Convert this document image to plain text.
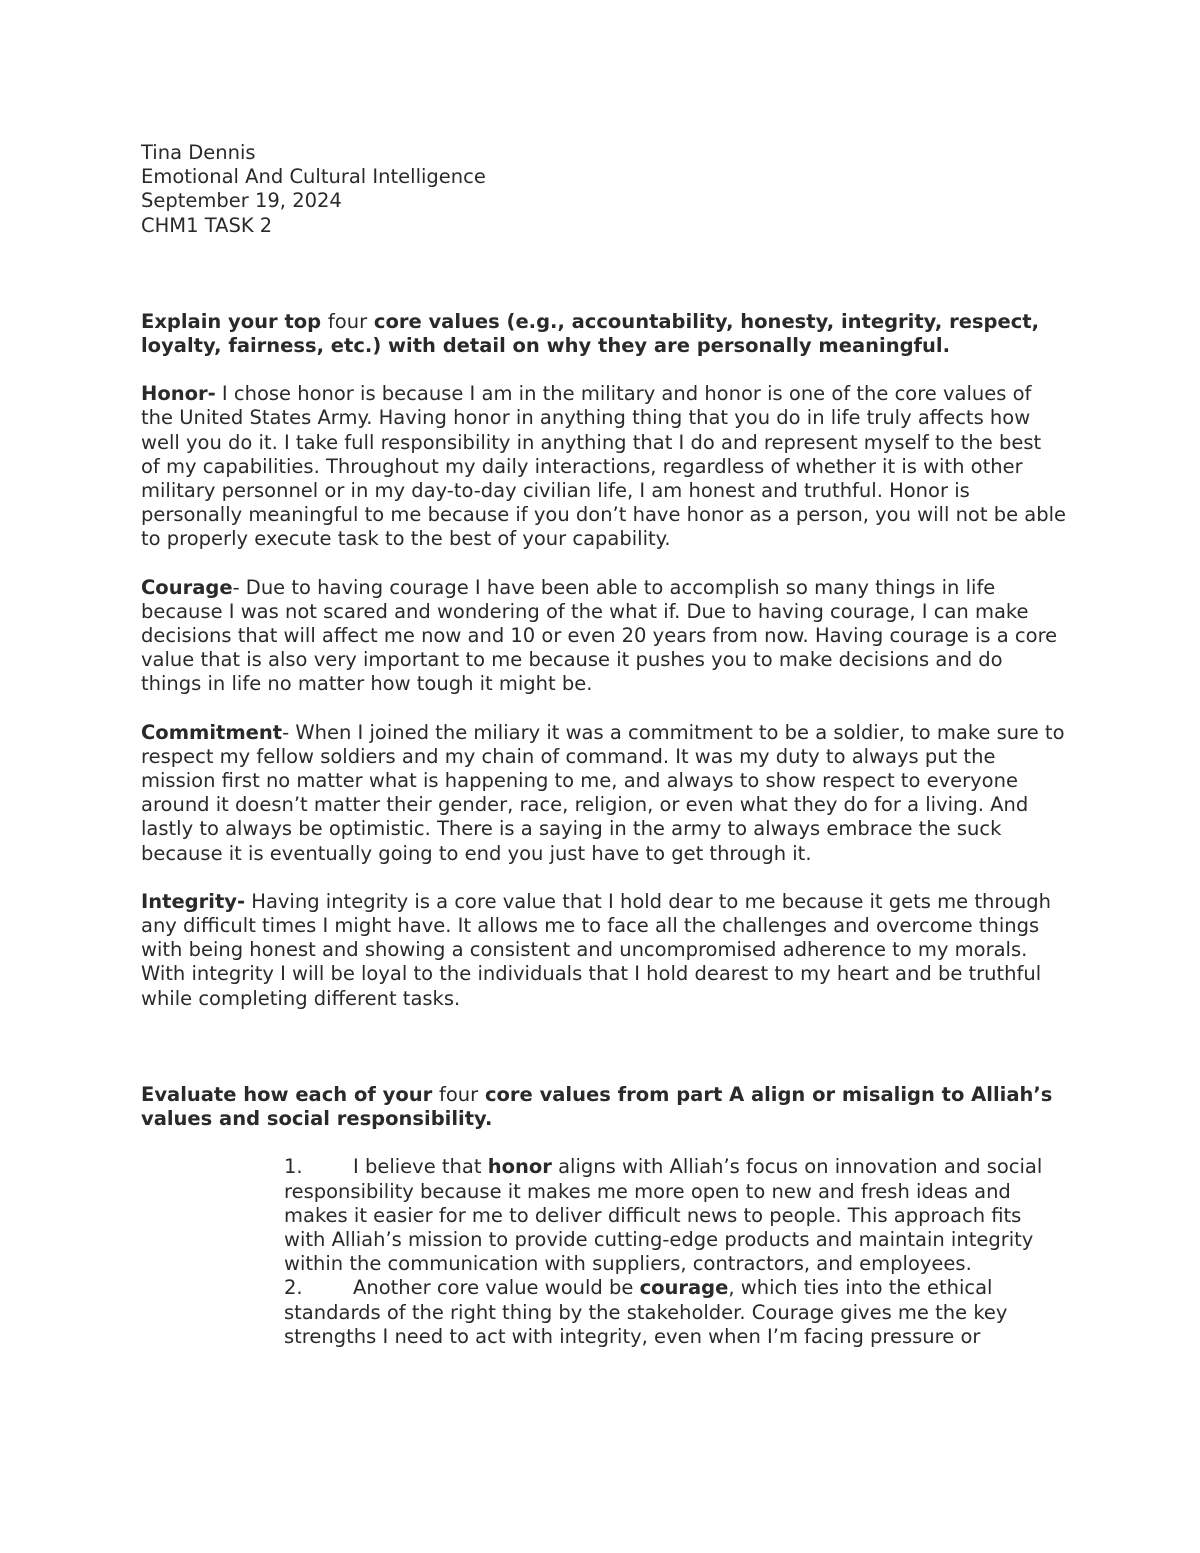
Tina Dennis

Emotional And Cultural Intelligence

September 19, 2024

CHM1 TASK 2

Explain your top four core values (e.g., accountability, honesty, integrity, respect, loyalty, fairness, etc.) with detail on why they are personally meaningful.

Honor- I chose honor is because I am in the military and honor is one of the core values of the United States Army. Having honor in anything thing that you do in life truly affects how well you do it. I take full responsibility in anything that I do and represent myself to the best of my capabilities. Throughout my daily interactions, regardless of whether it is with other military personnel or in my day-to-day civilian life, I am honest and truthful. Honor is personally meaningful to me because if you don’t have honor as a person, you will not be able to properly execute task to the best of your capability.

Courage- Due to having courage I have been able to accomplish so many things in life because I was not scared and wondering of the what if. Due to having courage, I can make decisions that will affect me now and 10 or even 20 years from now. Having courage is a core value that is also very important to me because it pushes you to make decisions and do things in life no matter how tough it might be.

Commitment- When I joined the miliary it was a commitment to be a soldier, to make sure to respect my fellow soldiers and my chain of command. It was my duty to always put the mission first no matter what is happening to me, and always to show respect to everyone around it doesn’t matter their gender, race, religion, or even what they do for a living. And lastly to always be optimistic. There is a saying in the army to always embrace the suck because it is eventually going to end you just have to get through it.

Integrity- Having integrity is a core value that I hold dear to me because it gets me through any difficult times I might have. It allows me to face all the challenges and overcome things with being honest and showing a consistent and uncompromised adherence to my morals. With integrity I will be loyal to the individuals that I hold dearest to my heart and be truthful while completing different tasks.

Evaluate how each of your four core values from part A align or misalign to Alliah’s values and social responsibility.

1.	I believe that honor aligns with Alliah’s focus on innovation and social responsibility because it makes me more open to new and fresh ideas and makes it easier for me to deliver difficult news to people. This approach fits with Alliah’s mission to provide cutting-edge products and maintain integrity within the communication with suppliers, contractors, and employees.
2.	Another core value would be courage, which ties into the ethical standards of the right thing by the stakeholder. Courage gives me the key strengths I need to act with integrity, even when I’m facing pressure or
